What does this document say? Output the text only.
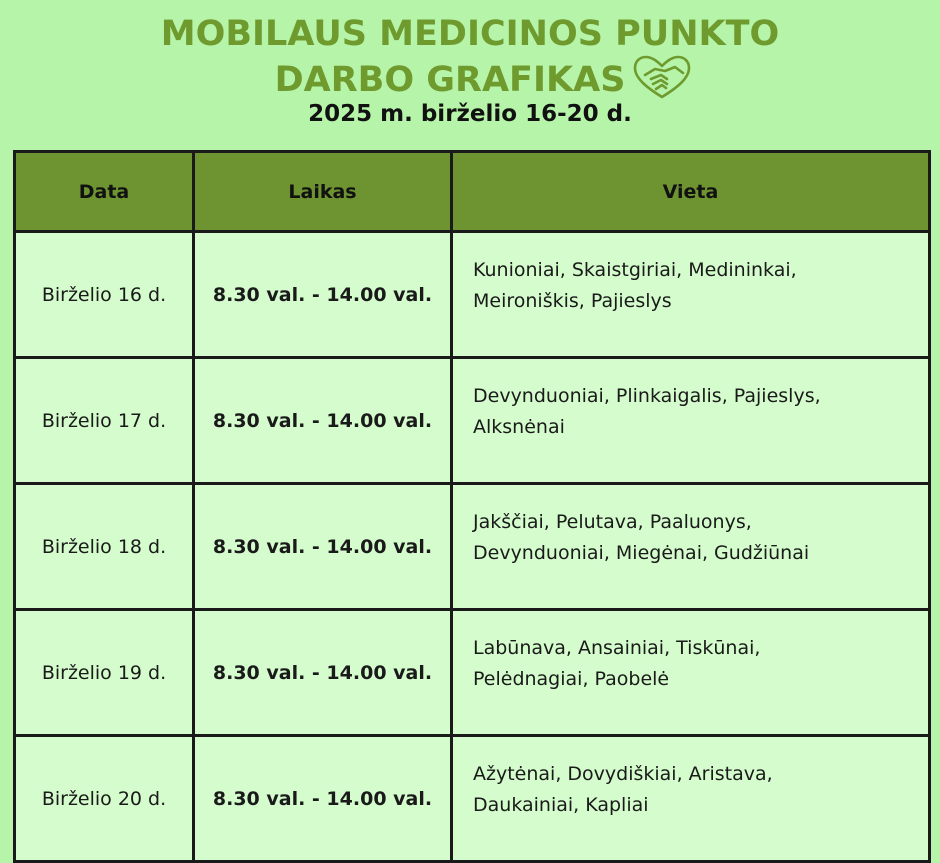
MOBILAUS MEDICINOS PUNKTO
DARBO GRAFIKAS
2025 m. birželio 16-20 d.
Data	Laikas	Vieta
Birželio 16 d.	8.30 val. - 14.00 val.	Kunioniai, Skaistgiriai, Medininkai,
Meironiškis, Pajieslys

Birželio 17 d.	8.30 val. - 14.00 val.	Devynduoniai, Plinkaigalis, Pajieslys,
Alksnėnai

Birželio 18 d.	8.30 val. - 14.00 val.	Jakščiai, Pelutava, Paaluonys,
Devynduoniai, Miegėnai, Gudžiūnai

Birželio 19 d.	8.30 val. - 14.00 val.	Labūnava, Ansainiai, Tiskūnai,
Pelėdnagiai, Paobelė

Birželio 20 d.	8.30 val. - 14.00 val.	Ažytėnai, Dovydiškiai, Aristava,
Daukainiai, Kapliai
